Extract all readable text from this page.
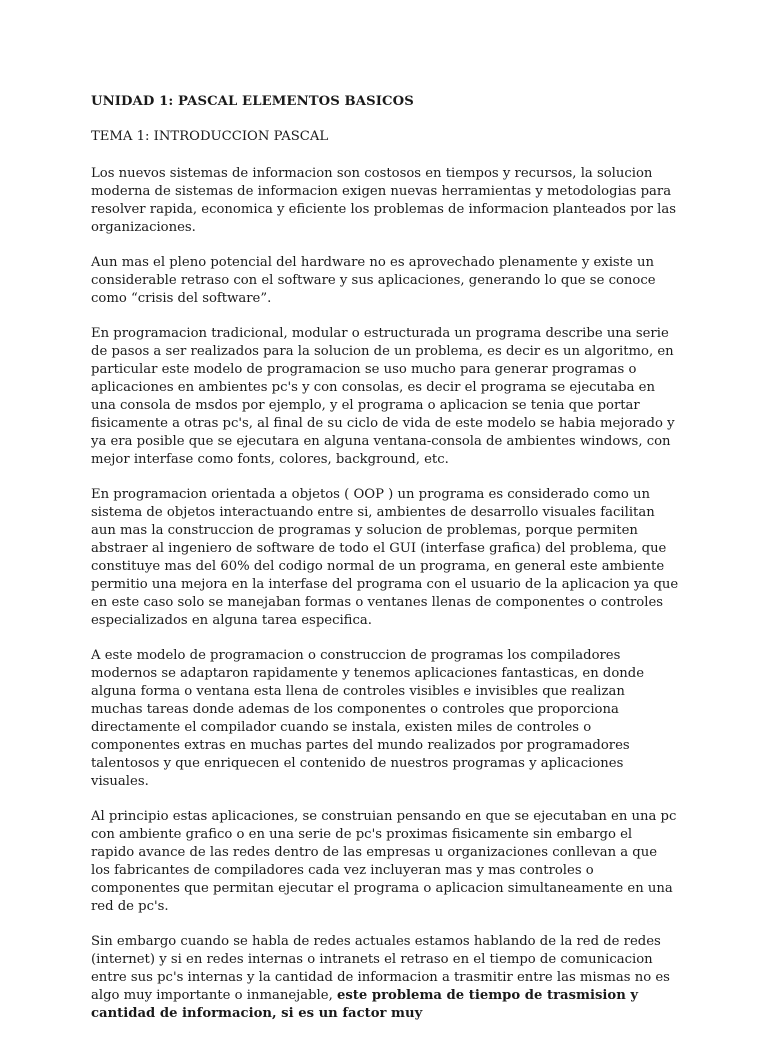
UNIDAD 1: PASCAL ELEMENTOS BASICOS
TEMA 1: INTRODUCCION PASCAL

Los nuevos sistemas de informacion son costosos en tiempos y recursos, la solucion moderna de sistemas de informacion exigen nuevas herramientas y metodologias para resolver rapida, economica y eficiente los problemas de informacion planteados por las organizaciones.

Aun mas el pleno potencial del hardware no es aprovechado plenamente y existe un considerable retraso con el software y sus aplicaciones, generando lo que se conoce como “crisis del software”.

En programacion tradicional, modular o estructurada un programa describe una serie de pasos a ser realizados para la solucion de un problema, es decir es un algoritmo, en particular este modelo de programacion se uso mucho para generar programas o aplicaciones en ambientes pc's y con consolas, es decir el programa se ejecutaba en una consola de msdos por ejemplo, y el programa o aplicacion se tenia que portar fisicamente a otras pc's, al final de su ciclo de vida de este modelo se habia mejorado y ya era posible que se ejecutara en alguna ventana-consola de ambientes windows, con mejor interfase como fonts, colores, background, etc.

En programacion orientada a objetos ( OOP ) un programa es considerado como un sistema de objetos interactuando entre si, ambientes de desarrollo visuales facilitan aun mas la construccion de programas y solucion de problemas, porque permiten abstraer al ingeniero de software de todo el GUI (interfase grafica) del problema, que constituye mas del 60% del codigo normal de un programa, en general este ambiente permitio una mejora en la interfase del programa con el usuario de la aplicacion ya que en este caso solo se manejaban formas o ventanes llenas de componentes o controles especializados en alguna tarea especifica.

A este modelo de programacion o construccion de programas los compiladores modernos se adaptaron rapidamente y tenemos aplicaciones fantasticas, en donde alguna forma o ventana esta llena de controles visibles e invisibles que realizan muchas tareas donde ademas de los componentes o controles que proporciona directamente el compilador cuando se instala, existen miles de controles o componentes extras en muchas partes del mundo realizados por programadores talentosos y que enriquecen el contenido de nuestros programas y aplicaciones visuales.

Al principio estas aplicaciones, se construian pensando en que se ejecutaban en una pc con ambiente grafico o en una serie de pc's proximas fisicamente sin embargo el rapido avance de las redes dentro de las empresas u organizaciones conllevan a que los fabricantes de compiladores cada vez incluyeran mas y mas controles o componentes que permitan ejecutar el programa o aplicacion simultaneamente en una red de pc's.

Sin embargo cuando se habla de redes actuales estamos hablando de la red de redes (internet) y si en redes internas o intranets el retraso en el tiempo de comunicacion entre sus pc's internas y la cantidad de informacion a trasmitir entre las mismas no es algo muy importante o inmanejable, este problema de tiempo de trasmision y cantidad de informacion, si es un factor muy
